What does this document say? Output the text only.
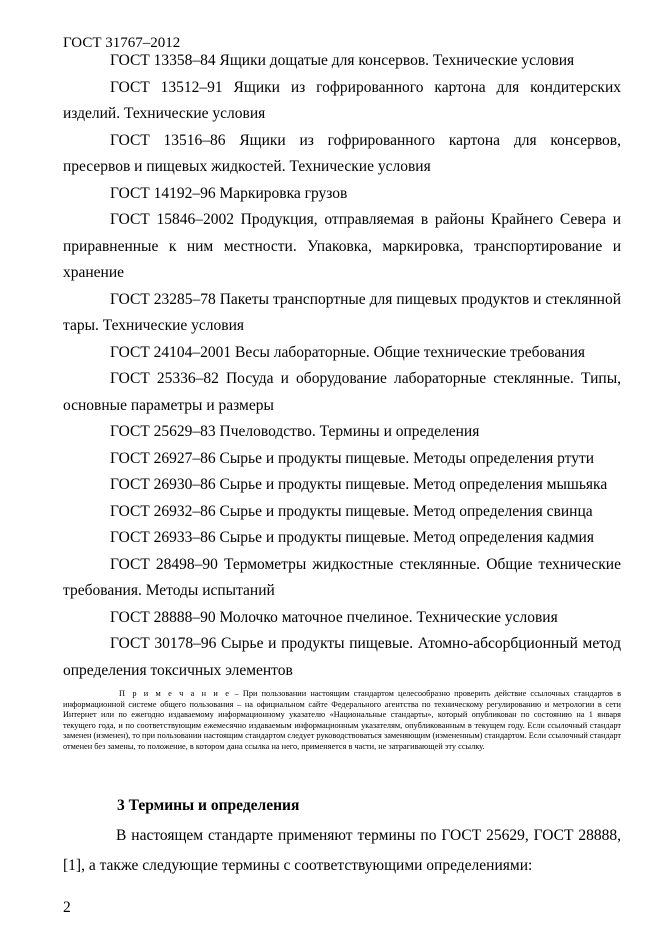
ГОСТ 31767–2012

ГОСТ 13358–84 Ящики дощатые для консервов. Технические условия

ГОСТ 13512–91 Ящики из гофрированного картона для кондитерских изделий. Технические условия

ГОСТ 13516–86 Ящики из гофрированного картона для консервов, пресервов и пищевых жидкостей. Технические условия

ГОСТ 14192–96 Маркировка грузов

ГОСТ 15846–2002 Продукция, отправляемая в районы Крайнего Севера и приравненные к ним местности. Упаковка, маркировка, транспортирование и хранение

ГОСТ 23285–78 Пакеты транспортные для пищевых продуктов и стеклянной тары. Технические условия

ГОСТ 24104–2001 Весы лабораторные. Общие технические требования

ГОСТ 25336–82 Посуда и оборудование лабораторные стеклянные. Типы, основные параметры и размеры

ГОСТ 25629–83 Пчеловодство. Термины и определения

ГОСТ 26927–86 Сырье и продукты пищевые. Методы определения ртути

ГОСТ 26930–86 Сырье и продукты пищевые. Метод определения мышьяка

ГОСТ 26932–86 Сырье и продукты пищевые. Метод определения свинца

ГОСТ 26933–86 Сырье и продукты пищевые. Метод определения кадмия

ГОСТ 28498–90 Термометры жидкостные стеклянные. Общие технические требования. Методы испытаний

ГОСТ 28888–90 Молочко маточное пчелиное. Технические условия

ГОСТ 30178–96 Сырье и продукты пищевые. Атомно-абсорбционный метод определения токсичных элементов

П р и м е ч а н и е – При пользовании настоящим стандартом целесообразно проверить действие ссылочных стандартов в информационной системе общего пользования – на официальном сайте Федерального агентства по техническому регулированию и метрологии в сети Интернет или по ежегодно издаваемому информационному указателю «Национальные стандарты», который опубликован по состоянию на 1 января текущего года, и по соответствующим ежемесячно издаваемым информационным указателям, опубликованным в текущем году. Если ссылочный стандарт заменен (изменен), то при пользовании настоящим стандартом следует руководствоваться заменяющим (измененным) стандартом. Если ссылочный стандарт отменен без замены, то положение, в котором дана ссылка на него, применяется в части, не затрагивающей эту ссылку.
3 Термины и определения
В настоящем стандарте применяют термины по ГОСТ 25629, ГОСТ 28888, [1], а также следующие термины с соответствующими определениями:
2
